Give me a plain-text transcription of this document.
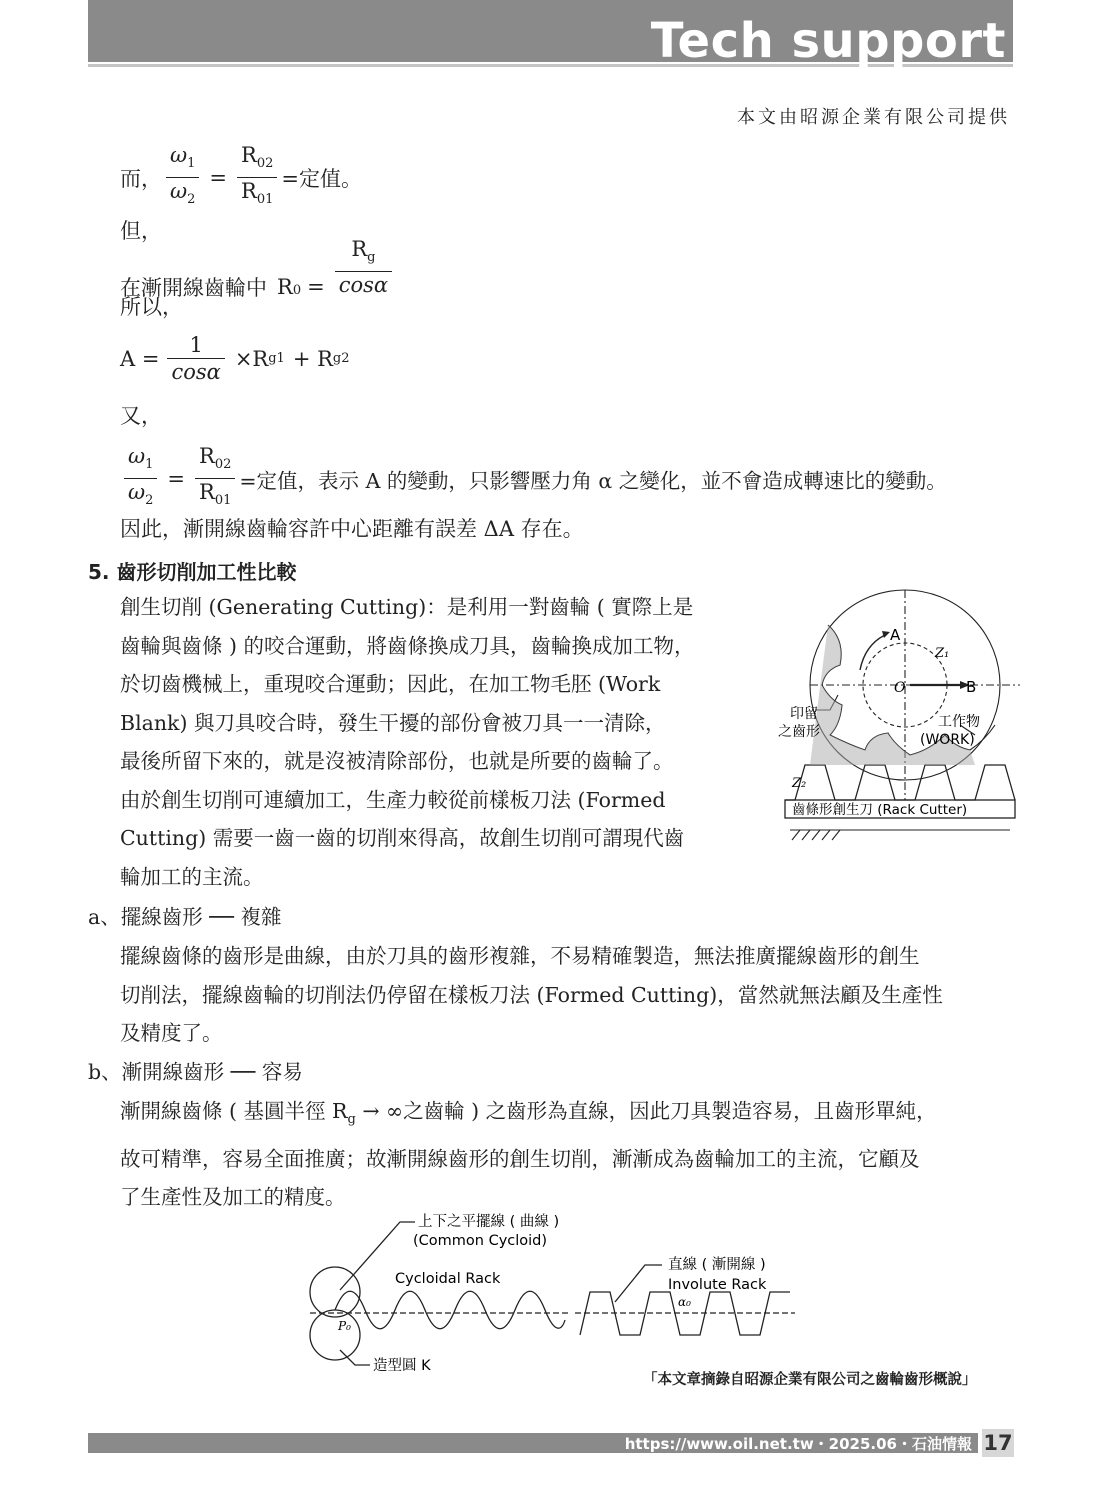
Tech support
本文由昭源企業有限公司提供
而， $\frac{\omega_1}{\omega_2} = \frac{R_{02}}{R_{01}}$ =定值。
但，
在漸開線齒輪中 R $0 = \frac{R_g}{\cos\alpha}$
所以，
$A = \frac{1}{\cos\alpha} \times R$ g1 + R g2
又，
$\frac{\omega_1}{\omega_2} = \frac{R_{02}}{R_{01}}$ =定值，表示 A 的變動，只影響壓力角 α 之變化，並不會造成轉速比的變動。
因此，漸開線齒輪容許中心距離有誤差 ΔA 存在。
5. 齒形切削加工性比較
創生切削 (Generating Cutting)：是利用一對齒輪 ( 實際上是
齒輪與齒條 ) 的咬合運動，將齒條換成刀具，齒輪換成加工物，
於切齒機械上，重現咬合運動；因此，在加工物毛胚 (Work
Blank) 與刀具咬合時，發生干擾的部份會被刀具一一清除，
最後所留下來的，就是沒被清除部份，也就是所要的齒輪了。
由於創生切削可連續加工，生產力較從前樣板刀法 (Formed
Cutting) 需要一齒一齒的切削來得高，故創生切削可謂現代齒
輪加工的主流。
A
B
O
Z₁
Z₂
印留
之齒形
工作物
(WORK)
齒條形創生刀 (Rack Cutter)
a、擺線齒形 ── 複雜
擺線齒條的齒形是曲線，由於刀具的齒形複雜，不易精確製造，無法推廣擺線齒形的創生
切削法，擺線齒輪的切削法仍停留在樣板刀法 (Formed Cutting)，當然就無法顧及生產性
及精度了。
b、漸開線齒形 ── 容易
漸開線齒條 ( 基圓半徑 $R_g$ → ∞之齒輪 ) 之齒形為直線，因此刀具製造容易，且齒形單純，
故可精準，容易全面推廣；故漸開線齒形的創生切削，漸漸成為齒輪加工的主流，它顧及
了生產性及加工的精度。
上下之平擺線 ( 曲線 )
(Common Cycloid)
Cycloidal Rack
直線 ( 漸開線 )
Involute Rack
P₀
α₀
造型圓 K
「本文章摘錄自昭源企業有限公司之齒輪齒形概說」
https://www.oil.net.tw・2025.06・石油情報 17
